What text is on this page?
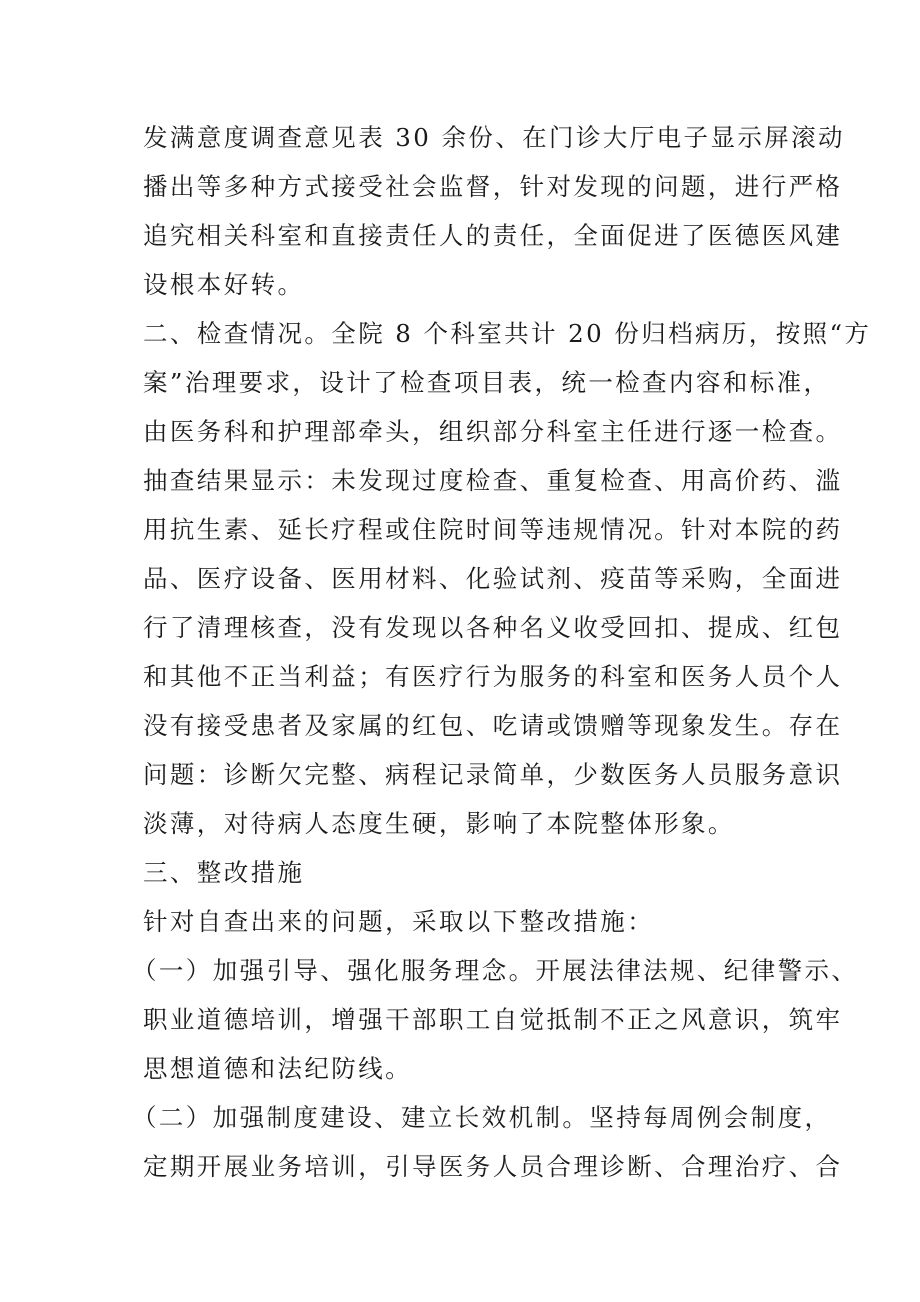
发满意度调查意见表 30 余份、在门诊大厅电子显示屏滚动
播出等多种方式接受社会监督，针对发现的问题，进行严格
追究相关科室和直接责任人的责任，全面促进了医德医风建
设根本好转。
二、检查情况。全院 8 个科室共计 20 份归档病历，按照“方
案”治理要求，设计了检查项目表，统一检查内容和标准，
由医务科和护理部牵头，组织部分科室主任进行逐一检查。
抽查结果显示：未发现过度检查、重复检查、用高价药、滥
用抗生素、延长疗程或住院时间等违规情况。针对本院的药
品、医疗设备、医用材料、化验试剂、疫苗等采购，全面进
行了清理核查，没有发现以各种名义收受回扣、提成、红包
和其他不正当利益；有医疗行为服务的科室和医务人员个人
没有接受患者及家属的红包、吃请或馈赠等现象发生。存在
问题：诊断欠完整、病程记录简单，少数医务人员服务意识
淡薄，对待病人态度生硬，影响了本院整体形象。
三、整改措施
针对自查出来的问题，采取以下整改措施：
（一）加强引导、强化服务理念。开展法律法规、纪律警示、
职业道德培训，增强干部职工自觉抵制不正之风意识，筑牢
思想道德和法纪防线。
（二）加强制度建设、建立长效机制。坚持每周例会制度，
定期开展业务培训，引导医务人员合理诊断、合理治疗、合
